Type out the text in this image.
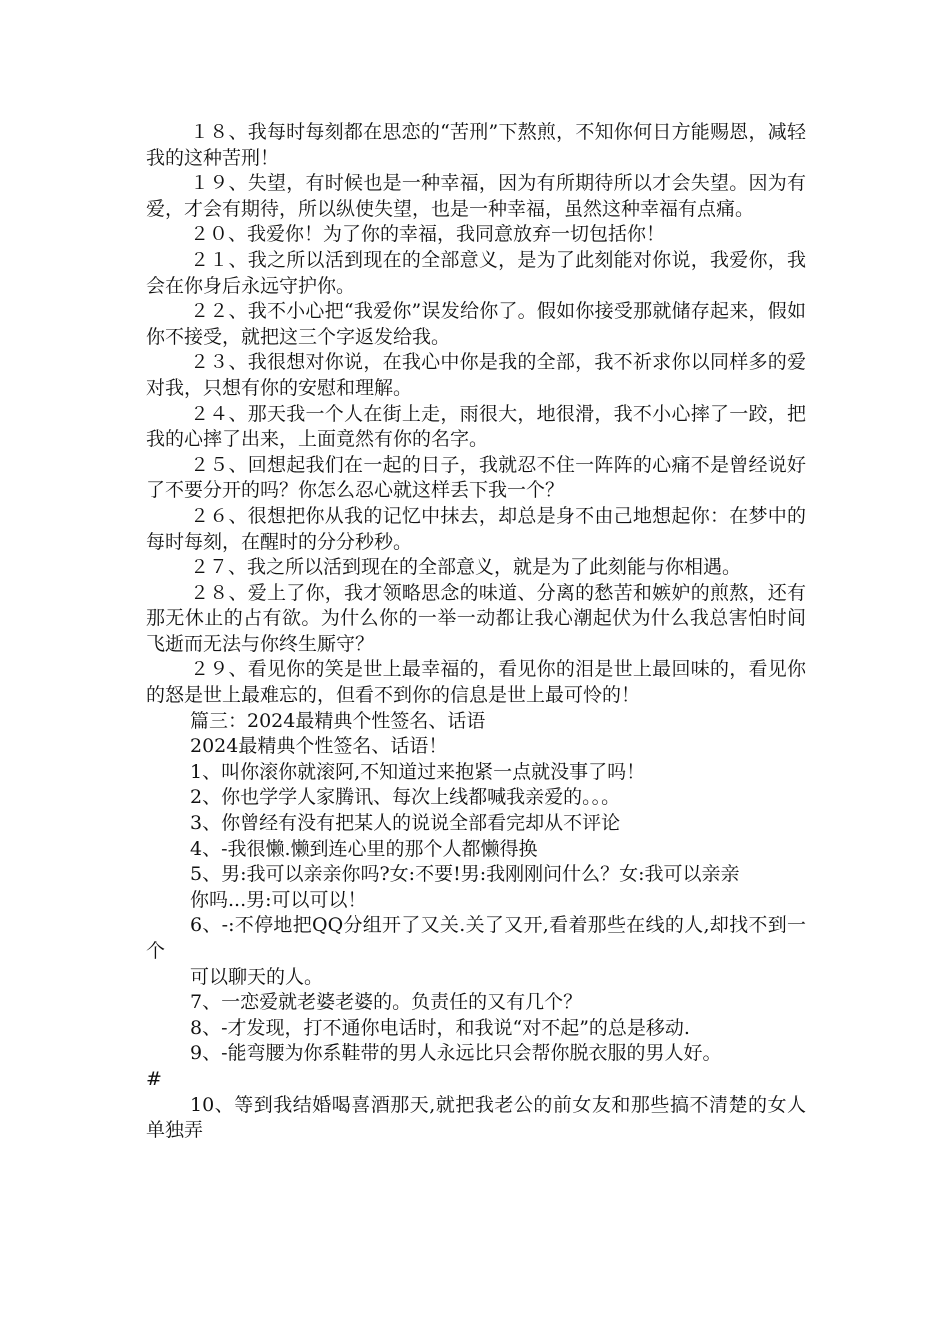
１８、我每时每刻都在思恋的“苦刑”下熬煎，不知你何日方能赐恩，减轻我的这种苦刑！

１９、失望，有时候也是一种幸福，因为有所期待所以才会失望。因为有爱，才会有期待，所以纵使失望，也是一种幸福，虽然这种幸福有点痛。

２０、我爱你！为了你的幸福，我同意放弃一切包括你！

２１、我之所以活到现在的全部意义，是为了此刻能对你说，我爱你，我会在你身后永远守护你。

２２、我不小心把“我爱你”误发给你了。假如你接受那就储存起来，假如你不接受，就把这三个字返发给我。

２３、我很想对你说，在我心中你是我的全部，我不祈求你以同样多的爱对我，只想有你的安慰和理解。

２４、那天我一个人在街上走，雨很大，地很滑，我不小心摔了一跤，把我的心摔了出来，上面竟然有你的名字。

２５、回想起我们在一起的日子，我就忍不住一阵阵的心痛不是曾经说好了不要分开的吗？你怎么忍心就这样丢下我一个？

２６、很想把你从我的记忆中抹去，却总是身不由己地想起你：在梦中的每时每刻，在醒时的分分秒秒。

２７、我之所以活到现在的全部意义，就是为了此刻能与你相遇。

２８、爱上了你，我才领略思念的味道、分离的愁苦和嫉妒的煎熬，还有那无休止的占有欲。为什么你的一举一动都让我心潮起伏为什么我总害怕时间飞逝而无法与你终生厮守？

２９、看见你的笑是世上最幸福的，看见你的泪是世上最回味的，看见你的怒是世上最难忘的，但看不到你的信息是世上最可怜的！

篇三：2024最精典个性签名、话语

2024最精典个性签名、话语！

1、叫你滚你就滚阿,不知道过来抱紧一点就没事了吗！

2、你也学学人家腾讯、每次上线都喊我亲爱的。。。

3、你曾经有没有把某人的说说全部看完却从不评论

4、-我很懒.懒到连心里的那个人都懒得换

5、男:我可以亲亲你吗?女:不要!男:我刚刚问什么？女:我可以亲亲

你吗...男:可以可以！

6、-:不停地把QQ分组开了又关.关了又开,看着那些在线的人,却找不到一个

可以聊天的人。

7、一恋爱就老婆老婆的。负责任的又有几个？

8、-才发现，打不通你电话时，和我说“对不起”的总是移动.

9、-能弯腰为你系鞋带的男人永远比只会帮你脱衣服的男人好。

#

10、等到我结婚喝喜酒那天,就把我老公的前女友和那些搞不清楚的女人单独弄
